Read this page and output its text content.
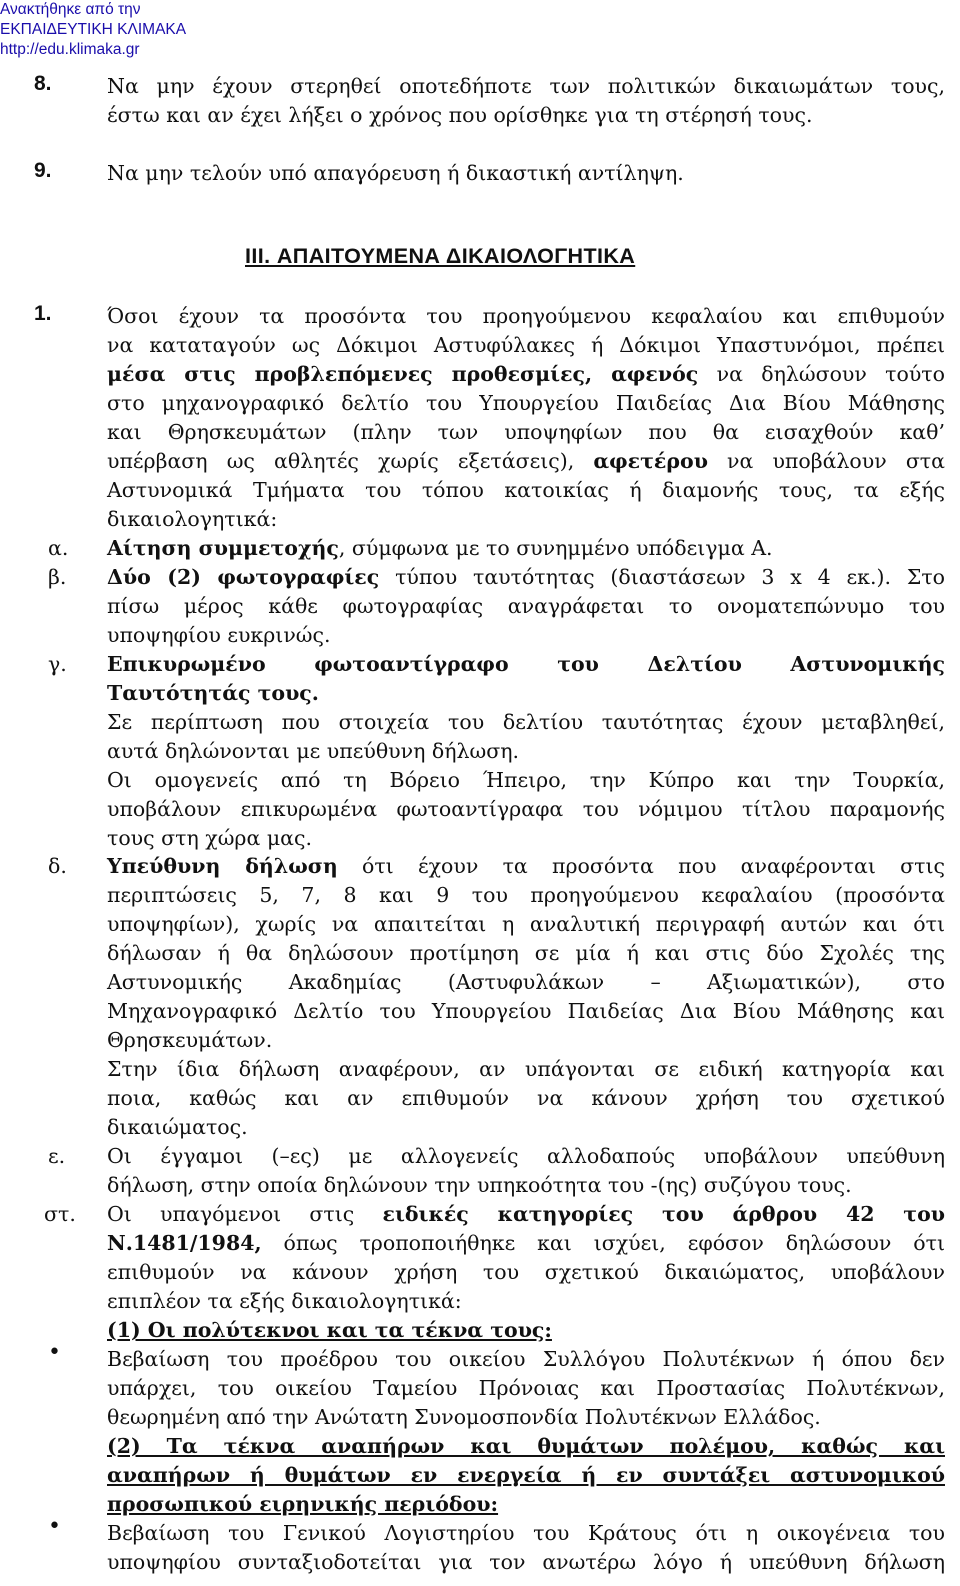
Ανακτήθηκε από την
ΕΚΠΑΙΔΕΥΤΙΚΗ ΚΛΙΜΑΚΑ
http://edu.klimaka.gr
8.	Να μην έχουν στερηθεί οποτεδήποτε των πολιτικών δικαιωμάτων τους,
έστω και αν έχει λήξει ο χρόνος που ορίσθηκε για τη στέρησή τους.
9.	Να μην τελούν υπό απαγόρευση ή δικαστική αντίληψη.
III. ΑΠΑΙΤΟΥΜΕΝΑ ΔΙΚΑΙΟΛΟΓΗΤΙΚΑ
1.	Όσοι έχουν τα προσόντα του προηγούμενου κεφαλαίου και επιθυμούν
να καταταγούν ως Δόκιμοι Αστυφύλακες ή Δόκιμοι Υπαστυνόμοι, πρέπει
μέσα στις προβλεπόμενες προθεσμίες, αφενός να δηλώσουν τούτο
στο μηχανογραφικό δελτίο του Υπουργείου Παιδείας Δια Βίου Μάθησης
και Θρησκευμάτων (πλην των υποψηφίων που θα εισαχθούν καθ’
υπέρβαση ως αθλητές χωρίς εξετάσεις), αφετέρου να υποβάλουν στα
Αστυνομικά Τμήματα του τόπου κατοικίας ή διαμονής τους, τα εξής
δικαιολογητικά:
α. Αίτηση συμμετοχής, σύμφωνα με το συνημμένο υπόδειγμα Α.
β. Δύο (2) φωτογραφίες τύπου ταυτότητας (διαστάσεων 3 x 4 εκ.). Στο
πίσω μέρος κάθε φωτογραφίας αναγράφεται το ονοματεπώνυμο του
υποψηφίου ευκρινώς.
γ. Επικυρωμένο φωτοαντίγραφο του Δελτίου Αστυνομικής
Ταυτότητάς τους.
Σε περίπτωση που στοιχεία του δελτίου ταυτότητας έχουν μεταβληθεί,
αυτά δηλώνονται με υπεύθυνη δήλωση.
Οι ομογενείς από τη Βόρειο Ήπειρο, την Κύπρο και την Τουρκία,
υποβάλουν επικυρωμένα φωτοαντίγραφα του νόμιμου τίτλου παραμονής
τους στη χώρα μας.
δ. Υπεύθυνη δήλωση ότι έχουν τα προσόντα που αναφέρονται στις
περιπτώσεις 5, 7, 8 και 9 του προηγούμενου κεφαλαίου (προσόντα
υποψηφίων), χωρίς να απαιτείται η αναλυτική περιγραφή αυτών και ότι
δήλωσαν ή θα δηλώσουν προτίμηση σε μία ή και στις δύο Σχολές της
Αστυνομικής Ακαδημίας (Αστυφυλάκων – Αξιωματικών), στο
Μηχανογραφικό Δελτίο του Υπουργείου Παιδείας Δια Βίου Μάθησης και
Θρησκευμάτων.
Στην ίδια δήλωση αναφέρουν, αν υπάγονται σε ειδική κατηγορία και
ποια, καθώς και αν επιθυμούν να κάνουν χρήση του σχετικού
δικαιώματος.
ε. Οι έγγαμοι (–ες) με αλλογενείς αλλοδαπούς υποβάλουν υπεύθυνη
δήλωση, στην οποία δηλώνουν την υπηκοότητα του -(ης) συζύγου τους.
στ. Οι υπαγόμενοι στις ειδικές κατηγορίες του άρθρου 42 του
Ν.1481/1984, όπως τροποποιήθηκε και ισχύει, εφόσον δηλώσουν ότι
επιθυμούν να κάνουν χρήση του σχετικού δικαιώματος, υποβάλουν
επιπλέον τα εξής δικαιολογητικά:
(1) Οι πολύτεκνοι και τα τέκνα τους:
Βεβαίωση του προέδρου του οικείου Συλλόγου Πολυτέκνων ή όπου δεν
υπάρχει, του οικείου Ταμείου Πρόνοιας και Προστασίας Πολυτέκνων,
θεωρημένη από την Ανώτατη Συνομοσπονδία Πολυτέκνων Ελλάδος.
(2) Τα τέκνα αναπήρων και θυμάτων πολέμου, καθώς και
αναπήρων ή θυμάτων εν ενεργεία ή εν συντάξει αστυνομικού
προσωπικού ειρηνικής περιόδου:
Βεβαίωση του Γενικού Λογιστηρίου του Κράτους ότι η οικογένεια του
υποψηφίου συνταξιοδοτείται για τον ανωτέρω λόγο ή υπεύθυνη δήλωση
•
•
